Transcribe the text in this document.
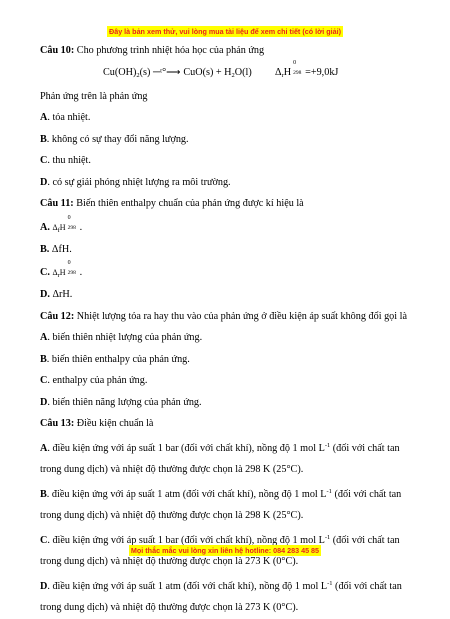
Đây là bản xem thử, vui lòng mua tài liệu để xem chi tiết (có lời giải)
Câu 10: Cho phương trình nhiệt hóa học của phản ứng
$Cu(OH)_2(s)$ ─ᵗ°⟶ $CuO(s) + H_2O(l)$ $\Delta_rH$
0
298 =+9,0kJ
Phản ứng trên là phản ứng
A. tỏa nhiệt.
B. không có sự thay đổi năng lượng.
C. thu nhiệt.
D. có sự giải phóng nhiệt lượng ra môi trường.
Câu 11: Biến thiên enthalpy chuẩn của phản ứng được kí hiệu là
A. $\Delta_fH$
0
298 .
B. ΔfH.
C. $\Delta_rH$
0
298 .
D. ΔrH.
Câu 12: Nhiệt lượng tỏa ra hay thu vào của phản ứng ở điều kiện áp suất không đổi gọi là
A. biến thiên nhiệt lượng của phản ứng.
B. biến thiên enthalpy của phản ứng.
C. enthalpy của phản ứng.
D. biến thiên năng lượng của phản ứng.
Câu 13: Điều kiện chuẩn là
A. điều kiện ứng với áp suất 1 bar (đối với chất khí), nồng độ 1 mol $L^{-1}$ (đối với chất tan trong dung dịch) và nhiệt độ thường được chọn là 298 K (25°C).
B. điều kiện ứng với áp suất 1 atm (đối với chất khí), nồng độ 1 mol $L^{-1}$ (đối với chất tan trong dung dịch) và nhiệt độ thường được chọn là 298 K (25°C).
C. điều kiện ứng với áp suất 1 bar (đối với chất khí), nồng độ 1 mol $L^{-1}$ (đối với chất tan trong dung dịch) và nhiệt độ thường được chọn là 273 K (0°C).
D. điều kiện ứng với áp suất 1 atm (đối với chất khí), nồng độ 1 mol $L^{-1}$ (đối với chất tan trong dung dịch) và nhiệt độ thường được chọn là 273 K (0°C).
Mọi thắc mắc vui lòng xin liên hệ hotline: 084 283 45 85
